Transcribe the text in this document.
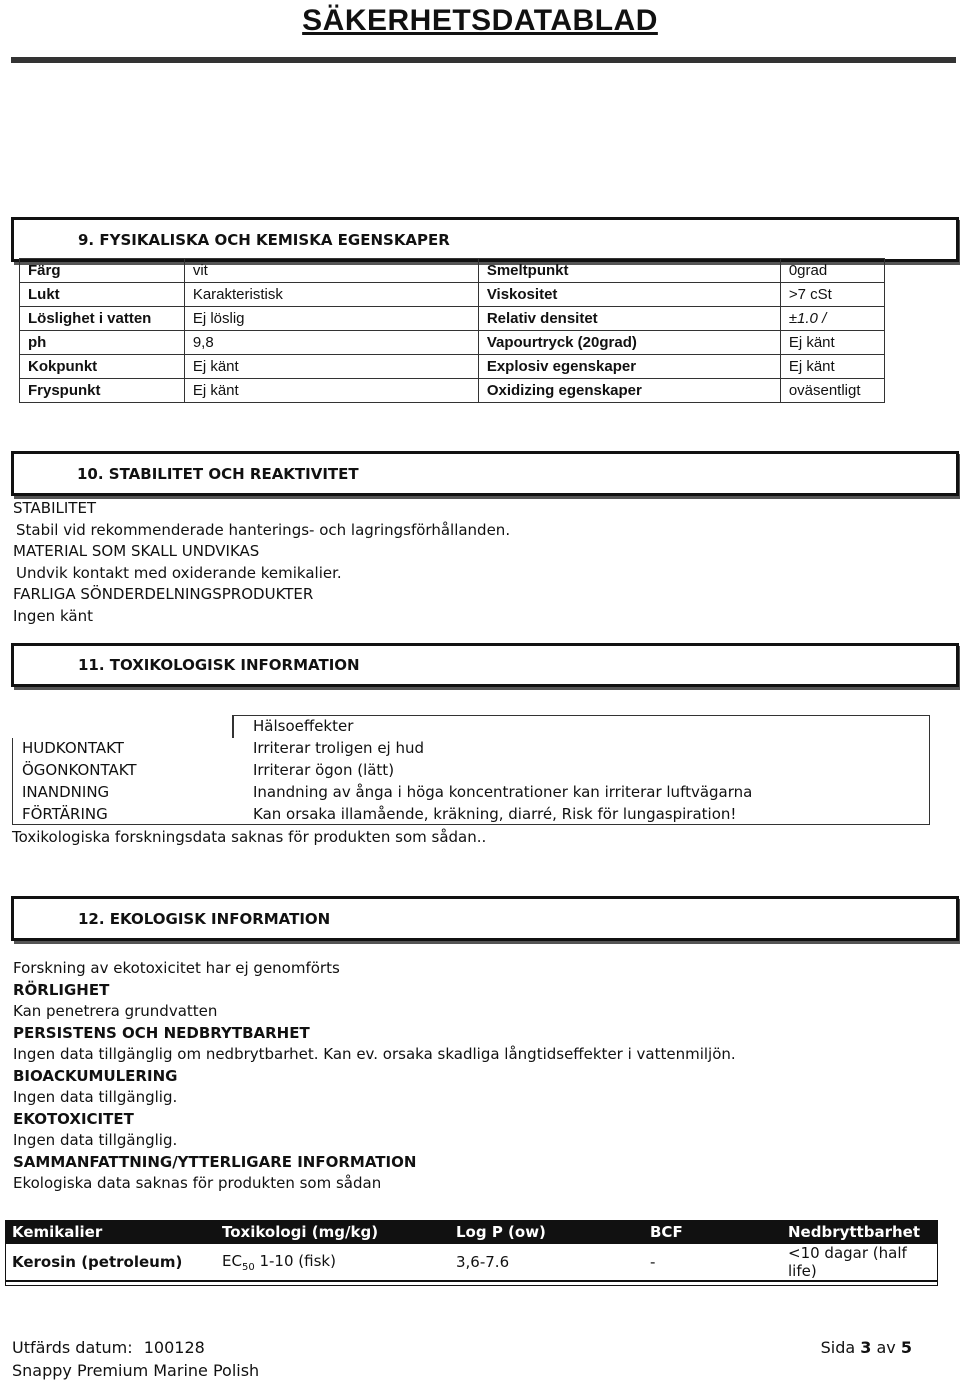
SÄKERHETSDATABLAD
9. FYSIKALISKA OCH KEMISKA EGENSKAPER
Färg	vit	Smeltpunkt	0grad
Lukt	Karakteristisk	Viskositet	>7 cSt
Löslighet i vatten	Ej löslig	Relativ densitet	±1.0 /
ph	9,8	Vapourtryck (20grad)	Ej känt
Kokpunkt	Ej känt	Explosiv egenskaper	Ej känt
Fryspunkt	Ej känt	Oxidizing egenskaper	oväsentligt
10. STABILITET OCH REAKTIVITET
STABILITET
Stabil vid rekommenderade hanterings- och lagringsförhållanden.
MATERIAL SOM SKALL UNDVIKAS
Undvik kontakt med oxiderande kemikalier.
FARLIGA SÖNDERDELNINGSPRODUKTER
Ingen känt
11. TOXIKOLOGISK INFORMATION
	Hälsoeffekter
HUDKONTAKT	Irriterar troligen ej hud
ÖGONKONTAKT	Irriterar ögon (lätt)
INANDNING	Inandning av ånga i höga koncentrationer kan irriterar luftvägarna
FÖRTÄRING	Kan orsaka illamående, kräkning, diarré, Risk för lungaspiration!
Toxikologiska forskningsdata saknas för produkten som sådan..
12. EKOLOGISK INFORMATION
Forskning av ekotoxicitet har ej genomförts
RÖRLIGHET
Kan penetrera grundvatten
PERSISTENS OCH NEDBRYTBARHET
Ingen data tillgänglig om nedbrytbarhet. Kan ev. orsaka skadliga långtidseffekter i vattenmiljön.
BIOACKUMULERING
Ingen data tillgänglig.
EKOTOXICITET
Ingen data tillgänglig.
SAMMANFATTNING/YTTERLIGARE INFORMATION
Ekologiska data saknas för produkten som sådan
Kemikalier	Toxikologi (mg/kg)	Log P (ow)	BCF	Nedbryttbarhet
Kerosin (petroleum)	$EC_{50}$ 1-10 (fisk)	3,6-7.6	-	<10 dagar (half life)
Utfärds datum: 100128	Sida 3 av 5
Snappy Premium Marine Polish
